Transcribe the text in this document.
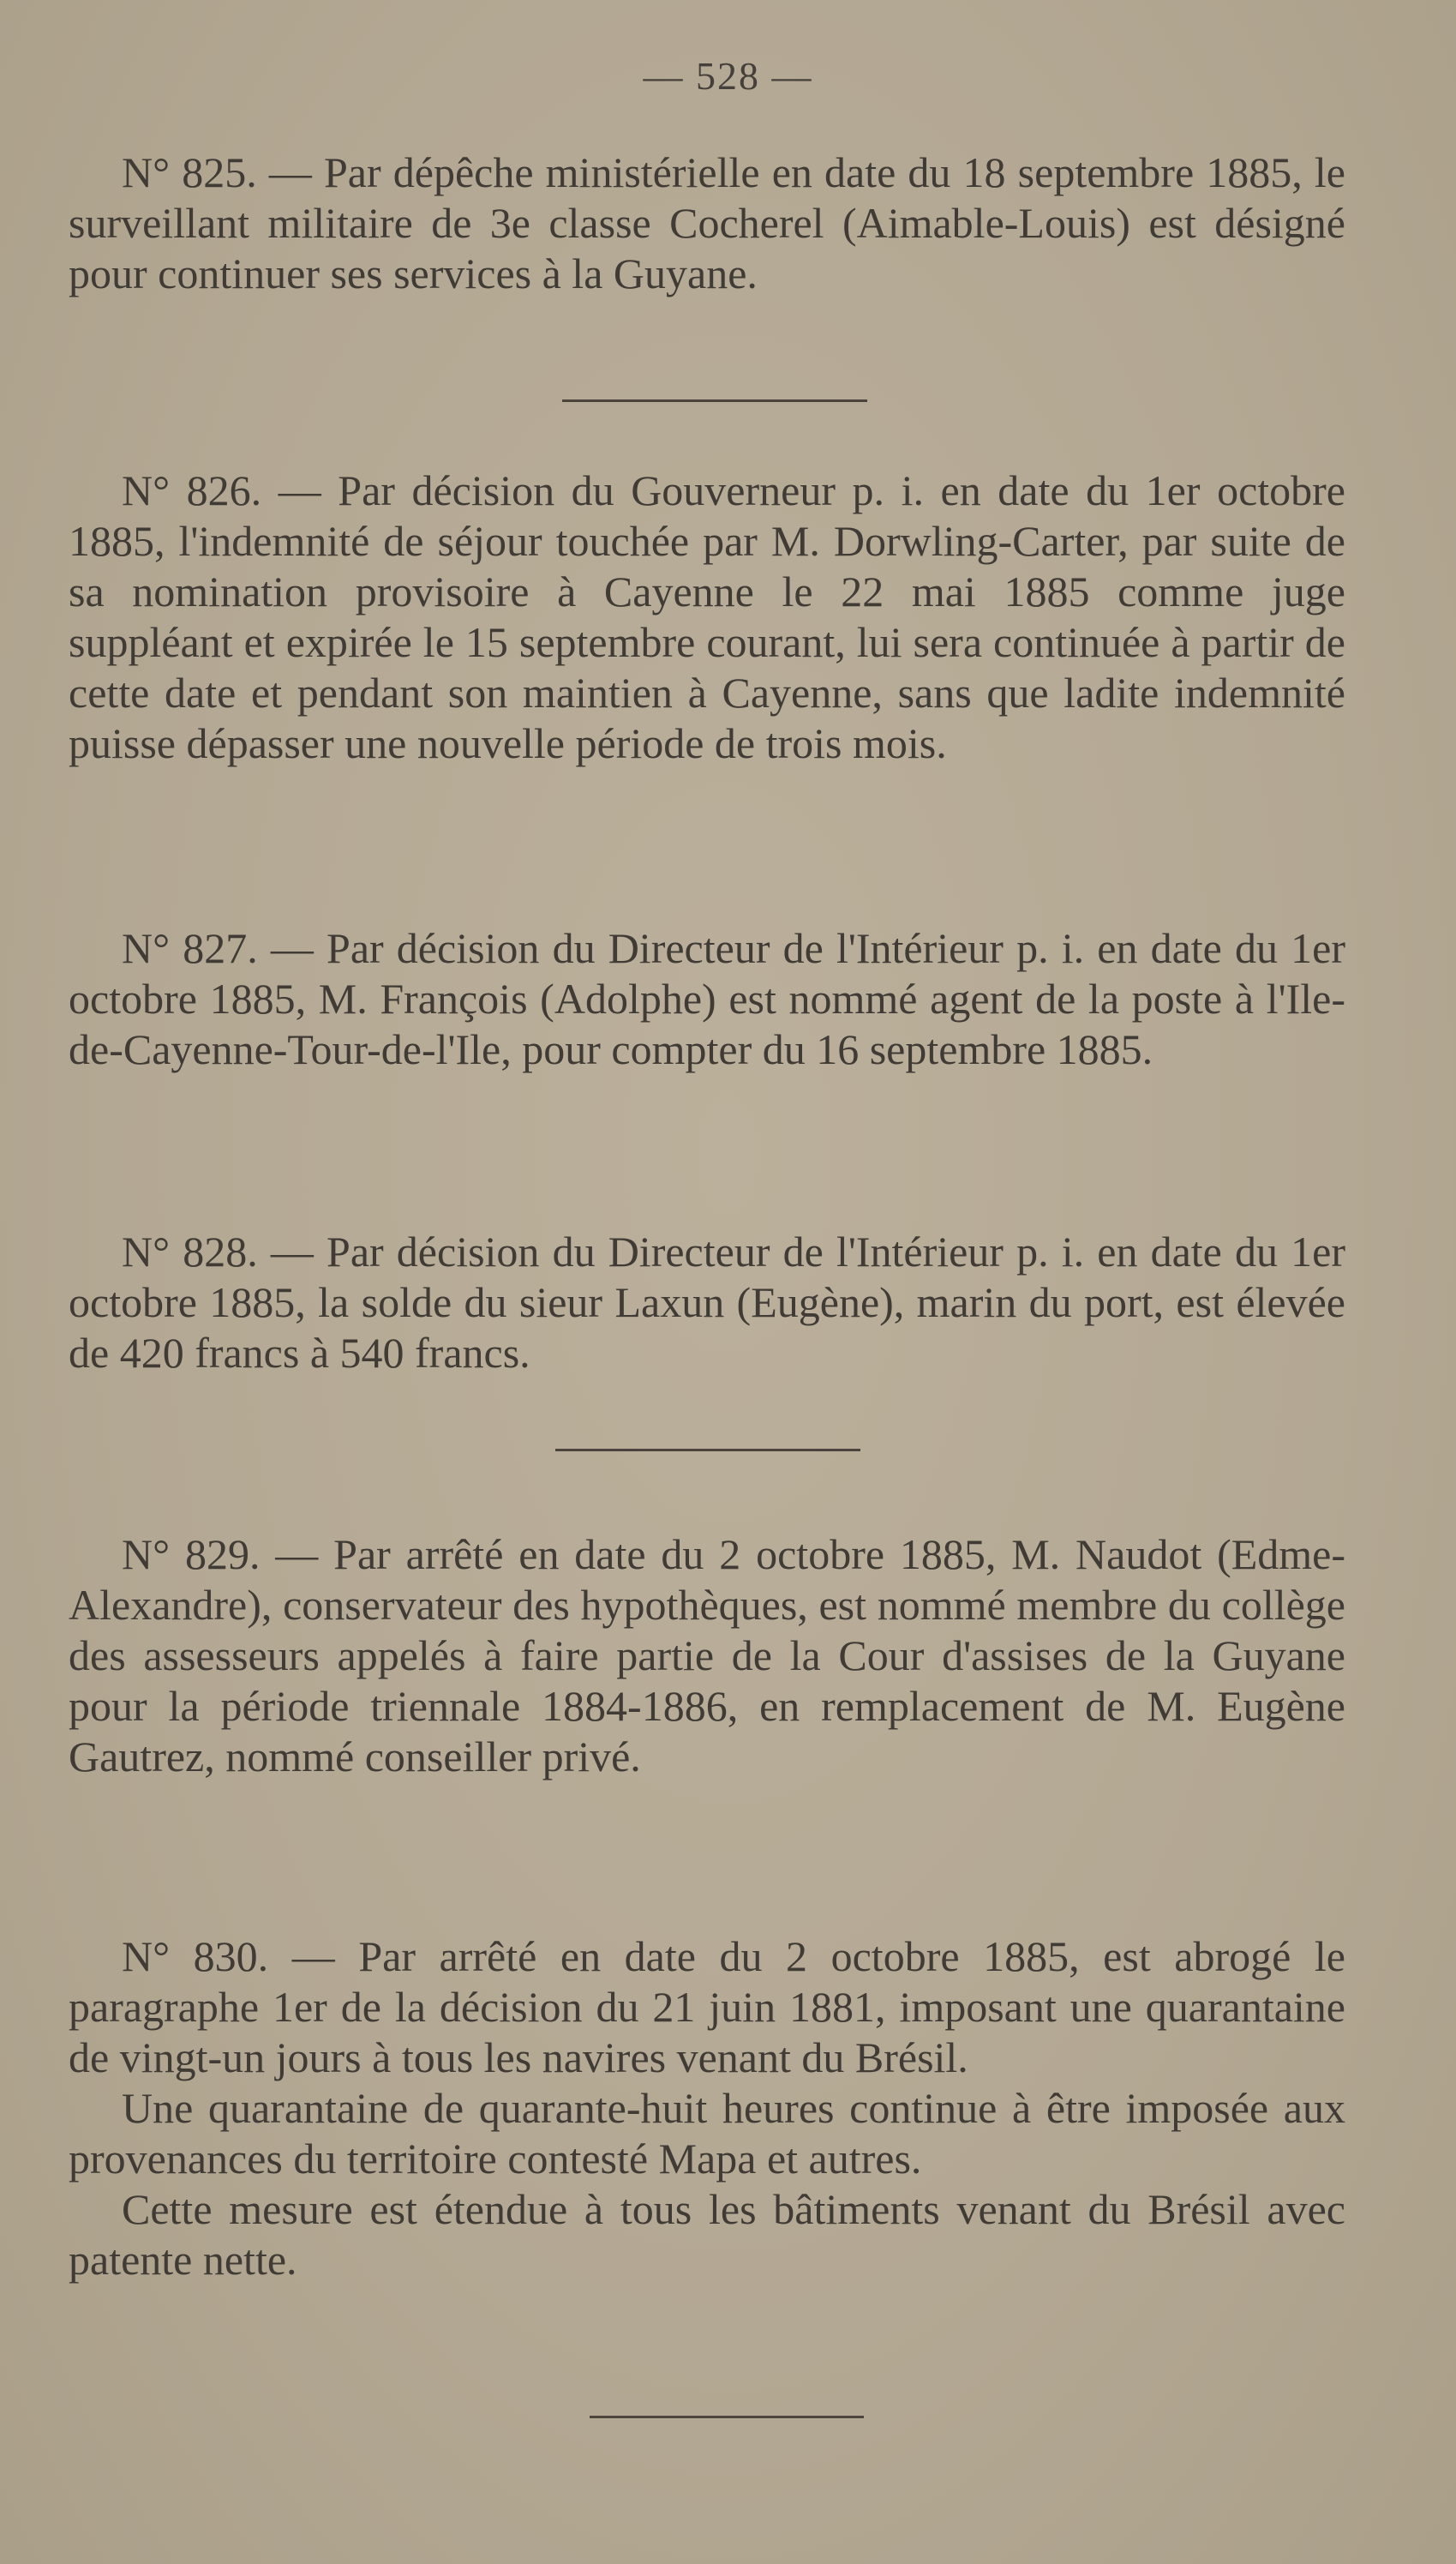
— 528 —

N° 825. — Par dépêche ministérielle en date du 18 septembre 1885, le surveillant militaire de 3e classe Cocherel (Aimable-Louis) est désigné pour continuer ses services à la Guyane.

N° 826. — Par décision du Gouverneur p. i. en date du 1er octobre 1885, l'indemnité de séjour touchée par M. Dorwling-Carter, par suite de sa nomination provisoire à Cayenne le 22 mai 1885 comme juge suppléant et expirée le 15 septembre courant, lui sera continuée à partir de cette date et pendant son maintien à Cayenne, sans que ladite indemnité puisse dépasser une nouvelle période de trois mois.

N° 827. — Par décision du Directeur de l'Intérieur p. i. en date du 1er octobre 1885, M. François (Adolphe) est nommé agent de la poste à l'Ile-de-Cayenne-Tour-de-l'Ile, pour compter du 16 septembre 1885.

N° 828. — Par décision du Directeur de l'Intérieur p. i. en date du 1er octobre 1885, la solde du sieur Laxun (Eugène), marin du port, est élevée de 420 francs à 540 francs.

N° 829. — Par arrêté en date du 2 octobre 1885, M. Naudot (Edme-Alexandre), conservateur des hypothèques, est nommé membre du collège des assesseurs appelés à faire partie de la Cour d'assises de la Guyane pour la période triennale 1884-1886, en remplacement de M. Eugène Gautrez, nommé conseiller privé.

N° 830. — Par arrêté en date du 2 octobre 1885, est abrogé le paragraphe 1er de la décision du 21 juin 1881, imposant une quarantaine de vingt-un jours à tous les navires venant du Brésil.

Une quarantaine de quarante-huit heures continue à être imposée aux provenances du territoire contesté Mapa et autres.

Cette mesure est étendue à tous les bâtiments venant du Brésil avec patente nette.
